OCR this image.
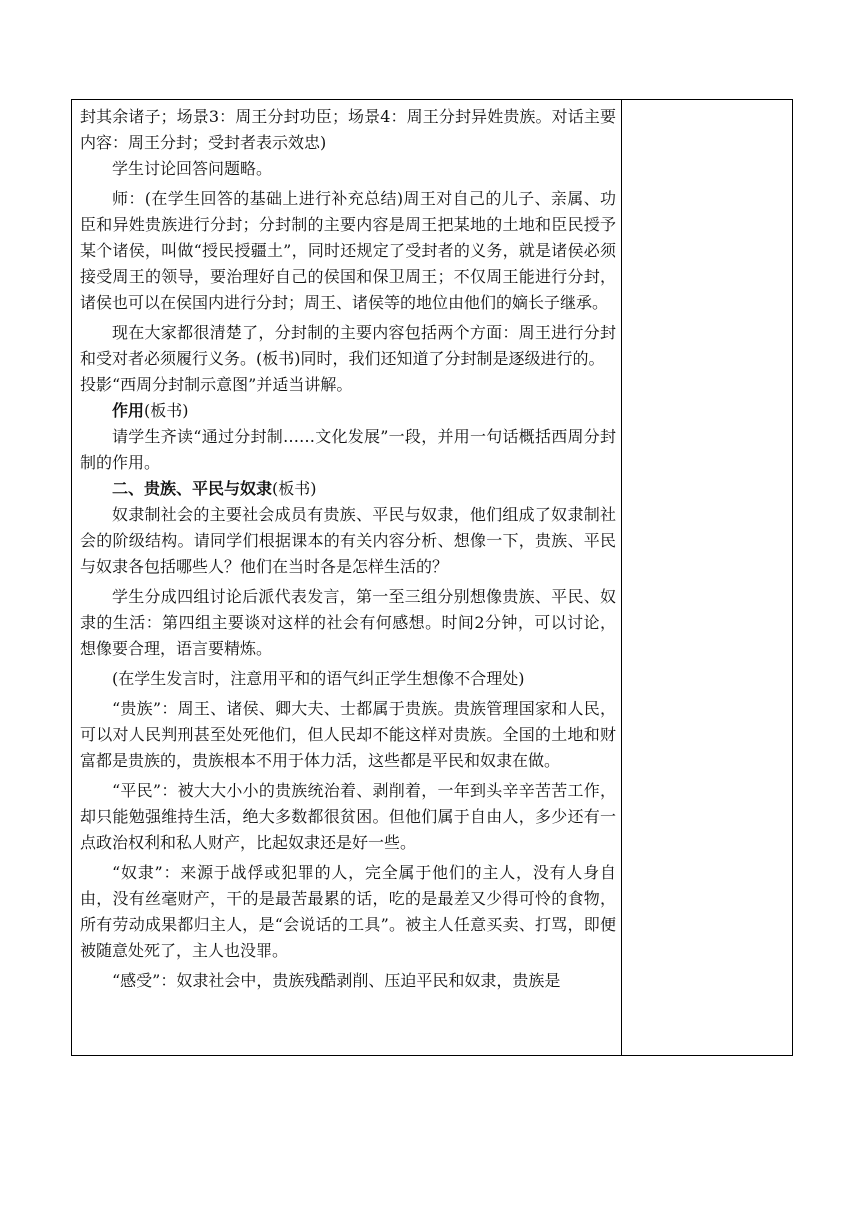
封其余诸子；场景3：周王分封功臣；场景4：周王分封异姓贵族。对话主要内容：周王分封；受封者表示效忠)

学生讨论回答问题略。

师：(在学生回答的基础上进行补充总结)周王对自己的儿子、亲属、功臣和异姓贵族进行分封；分封制的主要内容是周王把某地的土地和臣民授予某个诸侯，叫做“授民授疆土”，同时还规定了受封者的义务，就是诸侯必须接受周王的领导，要治理好自己的侯国和保卫周王；不仅周王能进行分封，诸侯也可以在侯国内进行分封；周王、诸侯等的地位由他们的嫡长子继承。

现在大家都很清楚了，分封制的主要内容包括两个方面：周王进行分封和受对者必须履行义务。(板书)同时，我们还知道了分封制是逐级进行的。

投影“西周分封制示意图”并适当讲解。

作用(板书)

请学生齐读“通过分封制……文化发展”一段，并用一句话概括西周分封制的作用。

二、贵族、平民与奴隶(板书)

奴隶制社会的主要社会成员有贵族、平民与奴隶，他们组成了奴隶制社会的阶级结构。请同学们根据课本的有关内容分析、想像一下，贵族、平民与奴隶各包括哪些人？他们在当时各是怎样生活的？

学生分成四组讨论后派代表发言，第一至三组分别想像贵族、平民、奴隶的生活：第四组主要谈对这样的社会有何感想。时间2分钟，可以讨论，想像要合理，语言要精炼。

(在学生发言时，注意用平和的语气纠正学生想像不合理处)

“贵族”：周王、诸侯、卿大夫、士都属于贵族。贵族管理国家和人民，可以对人民判刑甚至处死他们，但人民却不能这样对贵族。全国的土地和财富都是贵族的，贵族根本不用于体力活，这些都是平民和奴隶在做。

“平民”：被大大小小的贵族统治着、剥削着，一年到头辛辛苦苦工作，却只能勉强维持生活，绝大多数都很贫困。但他们属于自由人，多少还有一点政治权利和私人财产，比起奴隶还是好一些。

“奴隶”：来源于战俘或犯罪的人，完全属于他们的主人，没有人身自由，没有丝毫财产，干的是最苦最累的话，吃的是最差又少得可怜的食物，所有劳动成果都归主人，是“会说话的工具”。被主人任意买卖、打骂，即便被随意处死了，主人也没罪。

“感受”：奴隶社会中，贵族残酷剥削、压迫平民和奴隶，贵族是
